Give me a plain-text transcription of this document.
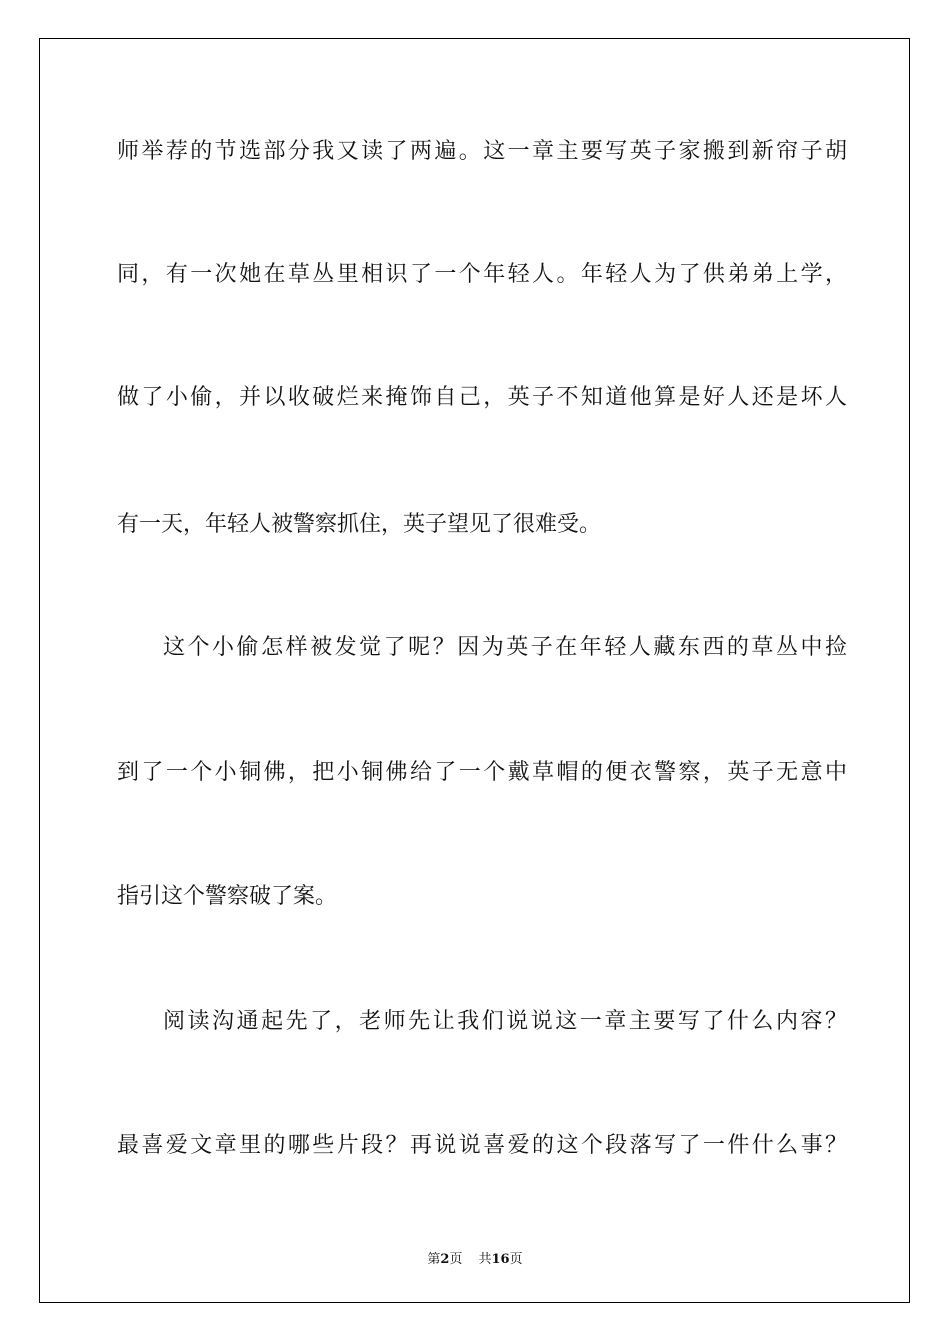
师举荐的节选部分我又读了两遍。这一章主要写英子家搬到新帘子胡
同，有一次她在草丛里相识了一个年轻人。年轻人为了供弟弟上学，
做了小偷，并以收破烂来掩饰自己，英子不知道他算是好人还是坏人
有一天，年轻人被警察抓住，英子望见了很难受。
这个小偷怎样被发觉了呢？因为英子在年轻人藏东西的草丛中捡
到了一个小铜佛，把小铜佛给了一个戴草帽的便衣警察，英子无意中
指引这个警察破了案。
阅读沟通起先了，老师先让我们说说这一章主要写了什么内容？
最喜爱文章里的哪些片段？再说说喜爱的这个段落写了一件什么事？
第2页 共16页
